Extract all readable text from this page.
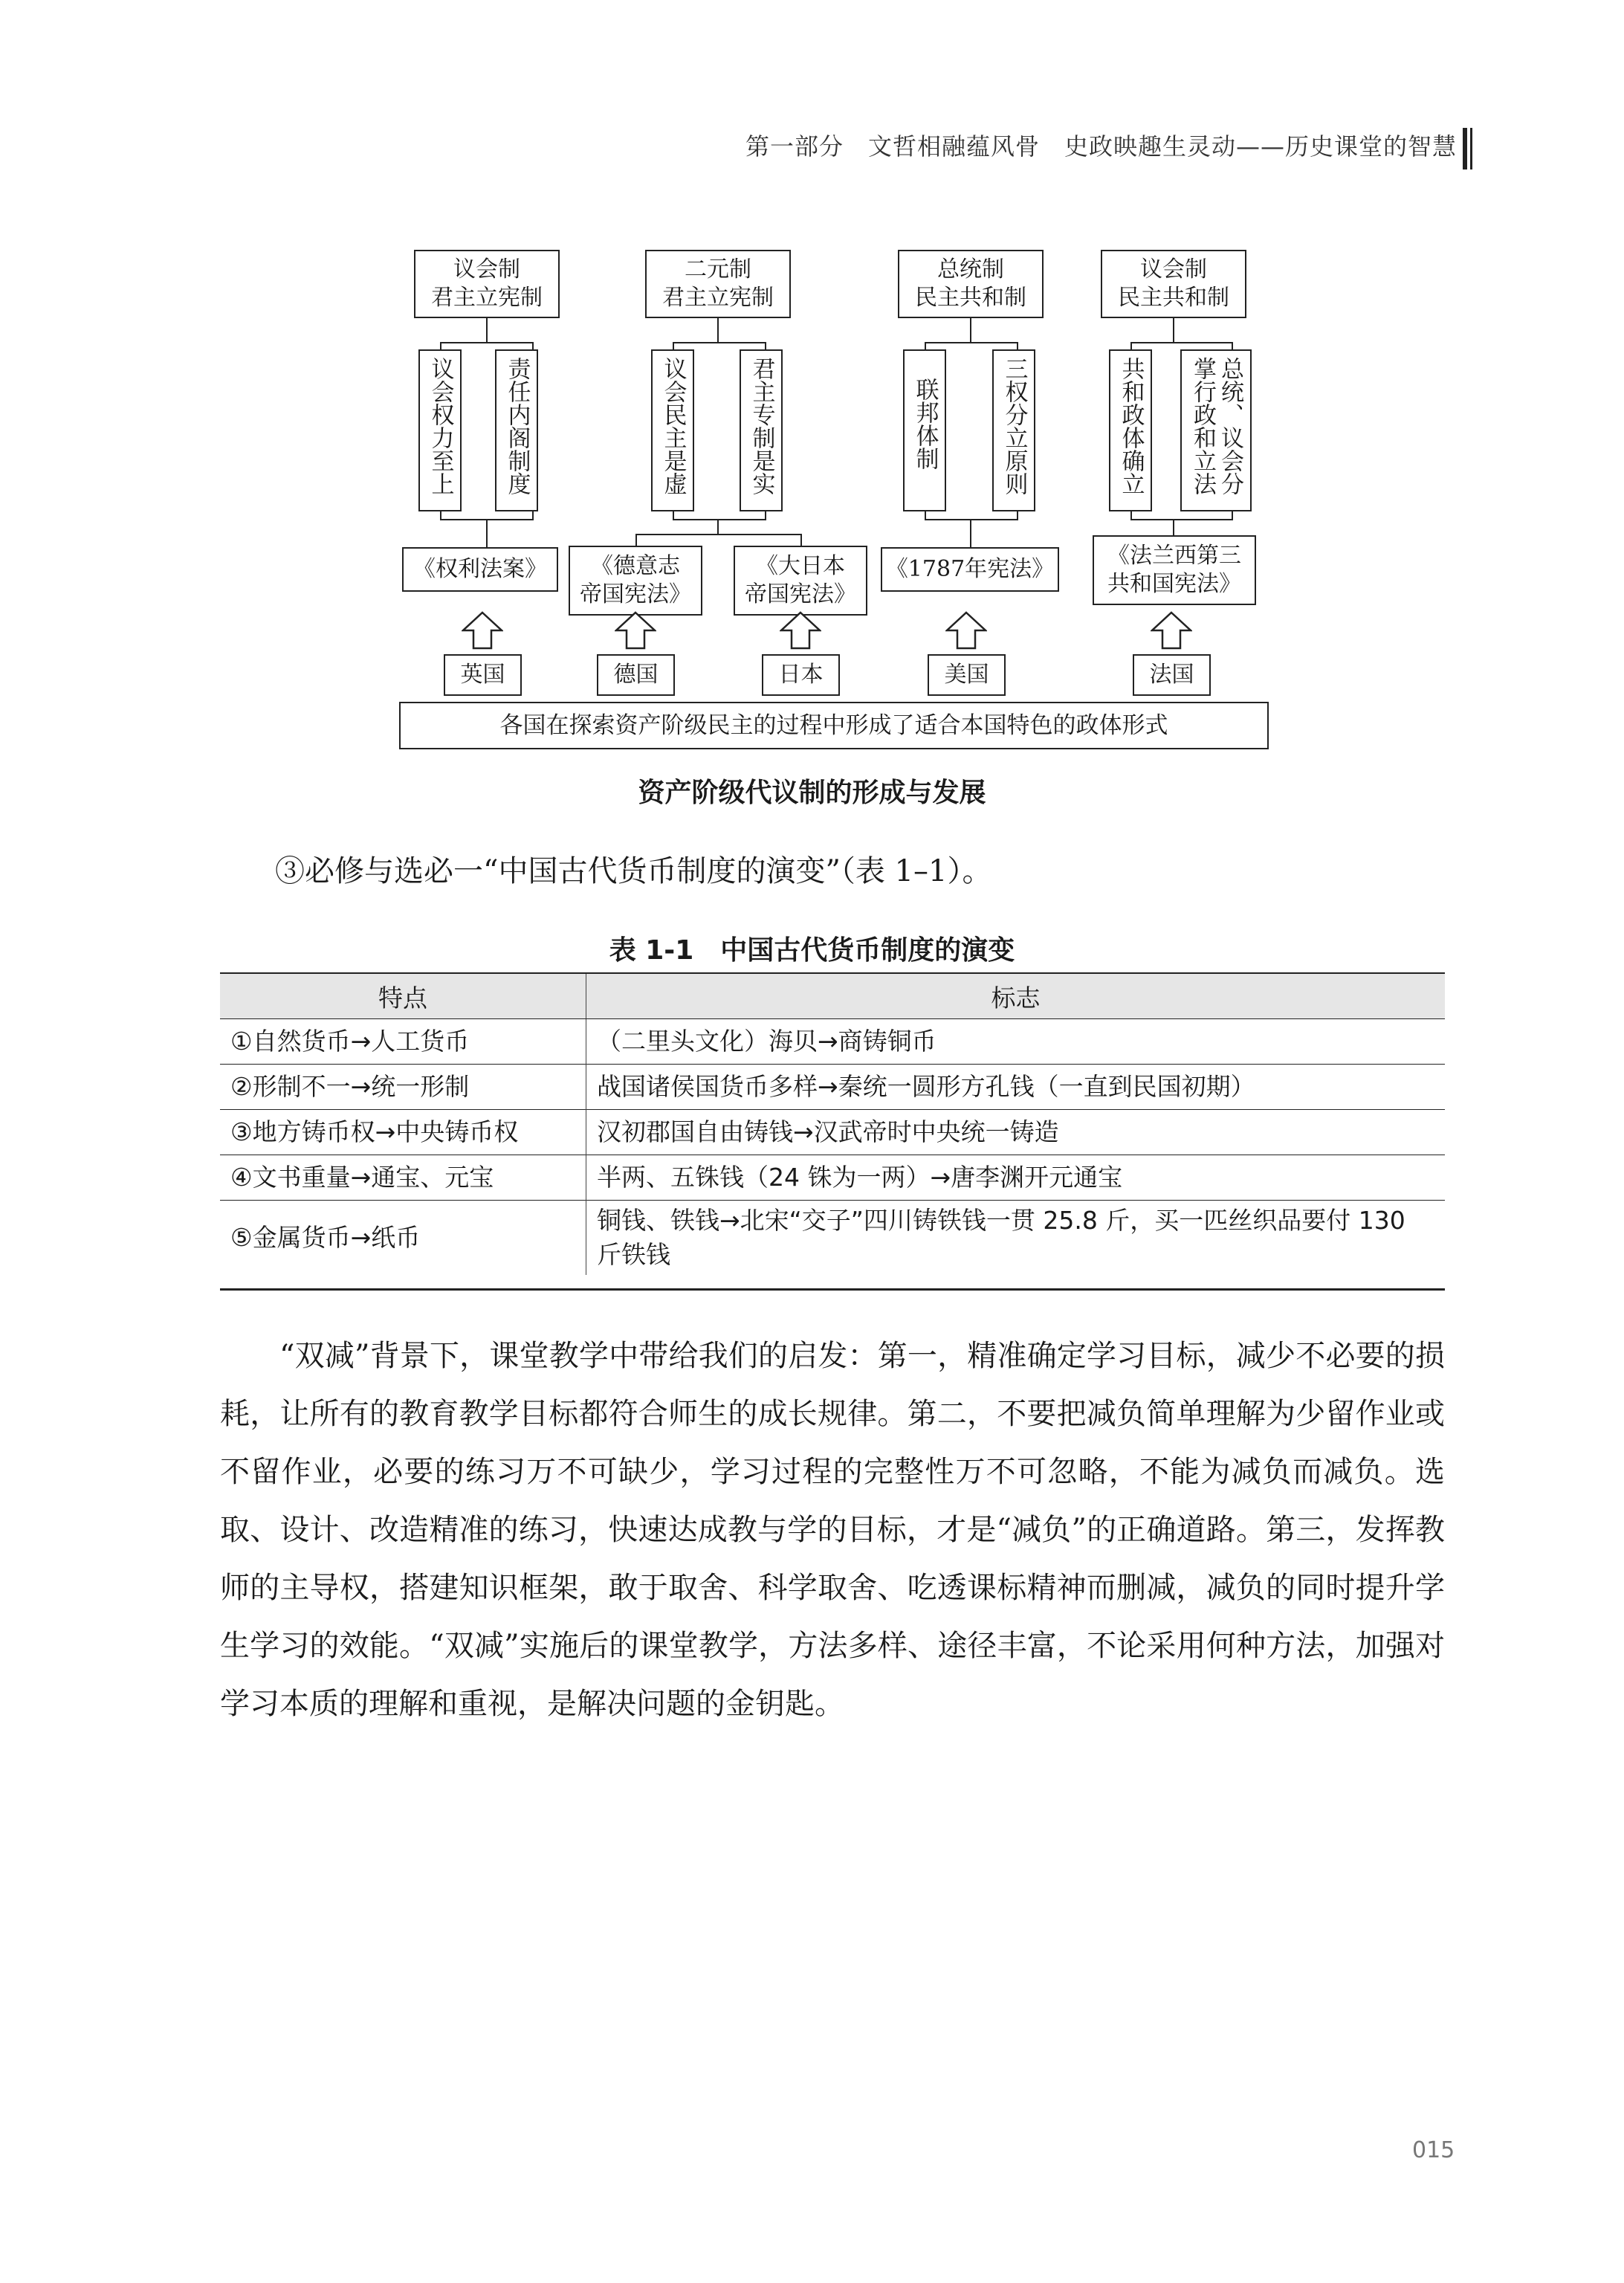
第一部分　文哲相融蕴风骨　史政映趣生灵动——历史课堂的智慧
议会制
君主立宪制
议会权力至上	责任内阁制度
《权利法案》
英国
二元制
君主立宪制
议会民主是虚	君主专制是实
《德意志
帝国宪法》
《大日本
帝国宪法》
德国	日本
总统制
民主共和制
联邦体制	三权分立原则
《1787年宪法》
美国
议会制
民主共和制
共和政体确立	总统、议会分掌行政和立法
《法兰西第三
共和国宪法》
法国
各国在探索资产阶级民主的过程中形成了适合本国特色的政体形式
资产阶级代议制的形成与发展
③必修与选必一“中国古代货币制度的演变”（表 1–1）。
表 1-1　中国古代货币制度的演变
特点	标志
①自然货币→人工货币	（二里头文化）海贝→商铸铜币
②形制不一→统一形制	战国诸侯国货币多样→秦统一圆形方孔钱（一直到民国初期）
③地方铸币权→中央铸币权	汉初郡国自由铸钱→汉武帝时中央统一铸造
④文书重量→通宝、元宝	半两、五铢钱（24 铢为一两）→唐李渊开元通宝
⑤金属货币→纸币	铜钱、铁钱→北宋“交子”四川铸铁钱一贯 25.8 斤，买一匹丝织品要付 130 斤铁钱
“双减”背景下，课堂教学中带给我们的启发：第一，精准确定学习目标，减少不必要的损耗，让所有的教育教学目标都符合师生的成长规律。第二，不要把减负简单理解为少留作业或不留作业，必要的练习万不可缺少，学习过程的完整性万不可忽略，不能为减负而减负。选取、设计、改造精准的练习，快速达成教与学的目标，才是“减负”的正确道路。第三，发挥教师的主导权，搭建知识框架，敢于取舍、科学取舍、吃透课标精神而删减，减负的同时提升学生学习的效能。“双减”实施后的课堂教学，方法多样、途径丰富，不论采用何种方法，加强对学习本质的理解和重视，是解决问题的金钥匙。
015
